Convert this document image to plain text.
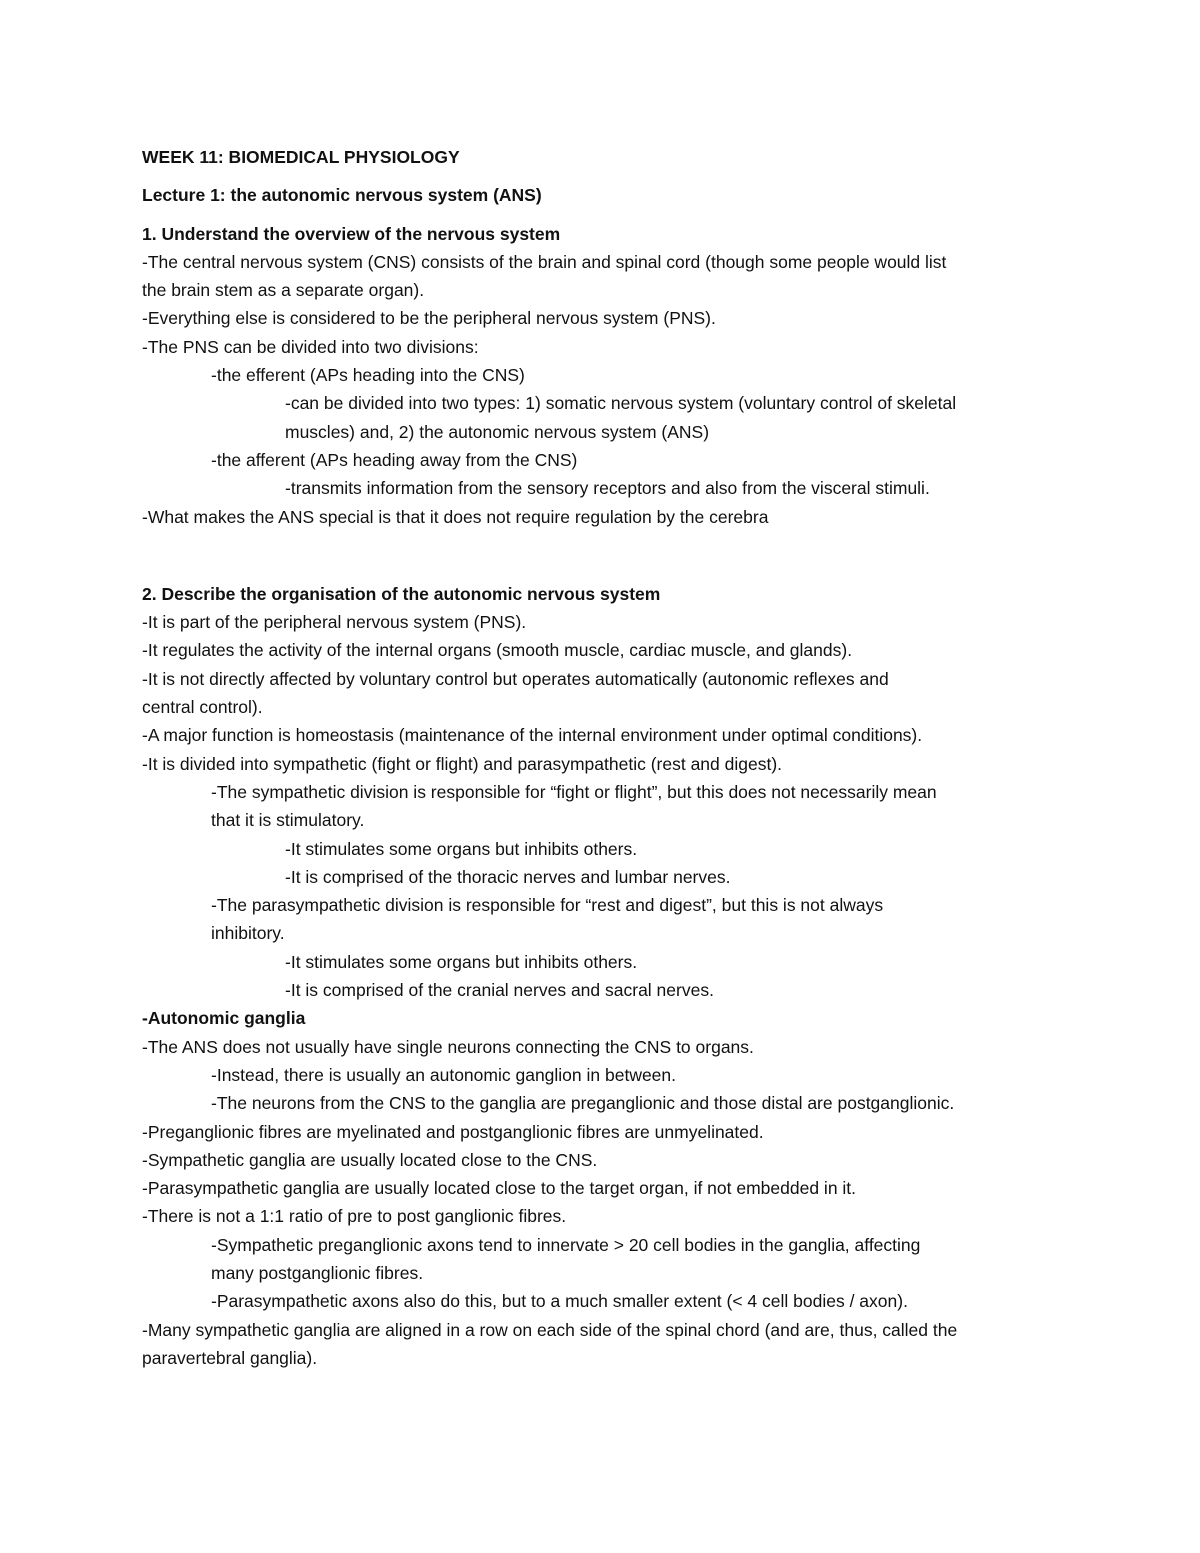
WEEK 11: BIOMEDICAL PHYSIOLOGY
Lecture 1: the autonomic nervous system (ANS)
1. Understand the overview of the nervous system
-The central nervous system (CNS) consists of the brain and spinal cord (though some people would list
the brain stem as a separate organ).
-Everything else is considered to be the peripheral nervous system (PNS).
-The PNS can be divided into two divisions:
-the efferent (APs heading into the CNS)
-can be divided into two types: 1) somatic nervous system (voluntary control of skeletal
muscles) and, 2) the autonomic nervous system (ANS)
-the afferent (APs heading away from the CNS)
-transmits information from the sensory receptors and also from the visceral stimuli.
-What makes the ANS special is that it does not require regulation by the cerebra
2. Describe the organisation of the autonomic nervous system
-It is part of the peripheral nervous system (PNS).
-It regulates the activity of the internal organs (smooth muscle, cardiac muscle, and glands).
-It is not directly affected by voluntary control but operates automatically (autonomic reflexes and
central control).
-A major function is homeostasis (maintenance of the internal environment under optimal conditions).
-It is divided into sympathetic (fight or flight) and parasympathetic (rest and digest).
-The sympathetic division is responsible for “fight or flight”, but this does not necessarily mean
that it is stimulatory.
-It stimulates some organs but inhibits others.
-It is comprised of the thoracic nerves and lumbar nerves.
-The parasympathetic division is responsible for “rest and digest”, but this is not always
inhibitory.
-It stimulates some organs but inhibits others.
-It is comprised of the cranial nerves and sacral nerves.
-Autonomic ganglia
-The ANS does not usually have single neurons connecting the CNS to organs.
-Instead, there is usually an autonomic ganglion in between.
-The neurons from the CNS to the ganglia are preganglionic and those distal are postganglionic.
-Preganglionic fibres are myelinated and postganglionic fibres are unmyelinated.
-Sympathetic ganglia are usually located close to the CNS.
-Parasympathetic ganglia are usually located close to the target organ, if not embedded in it.
-There is not a 1:1 ratio of pre to post ganglionic fibres.
-Sympathetic preganglionic axons tend to innervate > 20 cell bodies in the ganglia, affecting
many postganglionic fibres.
-Parasympathetic axons also do this, but to a much smaller extent (< 4 cell bodies / axon).
-Many sympathetic ganglia are aligned in a row on each side of the spinal chord (and are, thus, called the
paravertebral ganglia).
